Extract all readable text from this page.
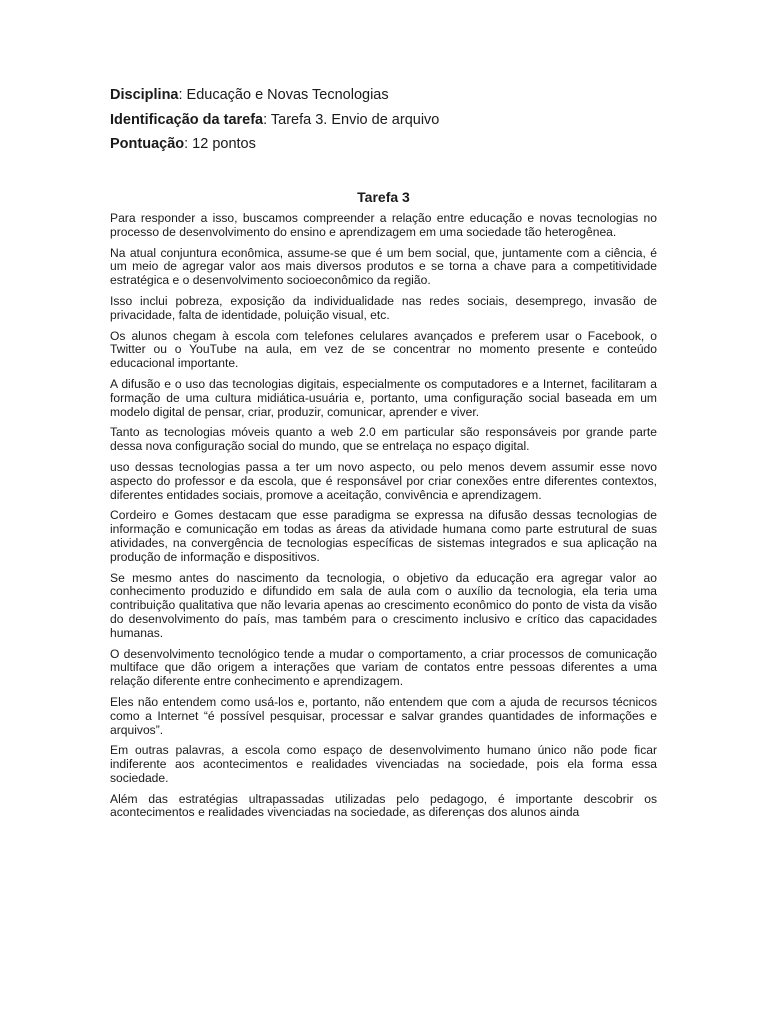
Disciplina: Educação e Novas Tecnologias
Identificação da tarefa: Tarefa 3. Envio de arquivo
Pontuação: 12 pontos
Tarefa 3

Para responder a isso, buscamos compreender a relação entre educação e novas tecnologias no processo de desenvolvimento do ensino e aprendizagem em uma sociedade tão heterogênea.

Na atual conjuntura econômica, assume-se que é um bem social, que, juntamente com a ciência, é um meio de agregar valor aos mais diversos produtos e se torna a chave para a competitividade estratégica e o desenvolvimento socioeconômico da região.

Isso inclui pobreza, exposição da individualidade nas redes sociais, desemprego, invasão de privacidade, falta de identidade, poluição visual, etc.

Os alunos chegam à escola com telefones celulares avançados e preferem usar o Facebook, o Twitter ou o YouTube na aula, em vez de se concentrar no momento presente e conteúdo educacional importante.

A difusão e o uso das tecnologias digitais, especialmente os computadores e a Internet, facilitaram a formação de uma cultura midiática-usuária e, portanto, uma configuração social baseada em um modelo digital de pensar, criar, produzir, comunicar, aprender e viver.

Tanto as tecnologias móveis quanto a web 2.0 em particular são responsáveis por grande parte dessa nova configuração social do mundo, que se entrelaça no espaço digital.

uso dessas tecnologias passa a ter um novo aspecto, ou pelo menos devem assumir esse novo aspecto do professor e da escola, que é responsável por criar conexões entre diferentes contextos, diferentes entidades sociais, promove a aceitação, convivência e aprendizagem.

Cordeiro e Gomes destacam que esse paradigma se expressa na difusão dessas tecnologias de informação e comunicação em todas as áreas da atividade humana como parte estrutural de suas atividades, na convergência de tecnologias específicas de sistemas integrados e sua aplicação na produção de informação e dispositivos.

Se mesmo antes do nascimento da tecnologia, o objetivo da educação era agregar valor ao conhecimento produzido e difundido em sala de aula com o auxílio da tecnologia, ela teria uma contribuição qualitativa que não levaria apenas ao crescimento econômico do ponto de vista da visão do desenvolvimento do país, mas também para o crescimento inclusivo e crítico das capacidades humanas.

O desenvolvimento tecnológico tende a mudar o comportamento, a criar processos de comunicação multiface que dão origem a interações que variam de contatos entre pessoas diferentes a uma relação diferente entre conhecimento e aprendizagem.

Eles não entendem como usá-los e, portanto, não entendem que com a ajuda de recursos técnicos como a Internet “é possível pesquisar, processar e salvar grandes quantidades de informações e arquivos”.

Em outras palavras, a escola como espaço de desenvolvimento humano único não pode ficar indiferente aos acontecimentos e realidades vivenciadas na sociedade, pois ela forma essa sociedade.

Além das estratégias ultrapassadas utilizadas pelo pedagogo, é importante descobrir os acontecimentos e realidades vivenciadas na sociedade, as diferenças dos alunos ainda
